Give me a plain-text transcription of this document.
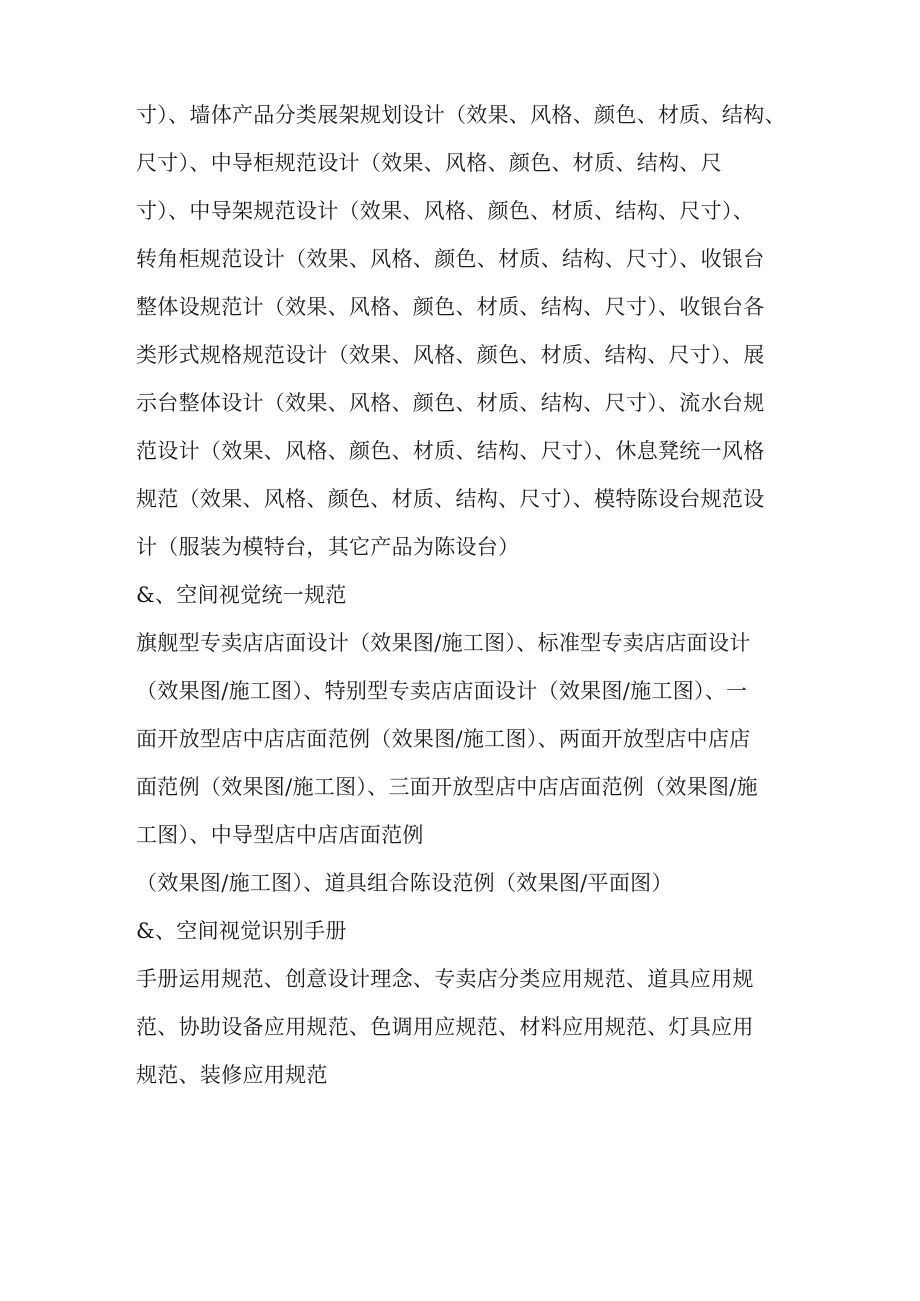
寸）、墙体产品分类展架规划设计（效果、风格、颜色、材质、结构、
尺寸）、中导柜规范设计（效果、风格、颜色、材质、结构、尺
寸）、中导架规范设计（效果、风格、颜色、材质、结构、尺寸）、
转角柜规范设计（效果、风格、颜色、材质、结构、尺寸）、收银台
整体设规范计（效果、风格、颜色、材质、结构、尺寸）、收银台各
类形式规格规范设计（效果、风格、颜色、材质、结构、尺寸）、展
示台整体设计（效果、风格、颜色、材质、结构、尺寸）、流水台规
范设计（效果、风格、颜色、材质、结构、尺寸）、休息凳统一风格
规范（效果、风格、颜色、材质、结构、尺寸）、模特陈设台规范设
计（服装为模特台，其它产品为陈设台）
&、空间视觉统一规范
旗舰型专卖店店面设计（效果图/施工图）、标准型专卖店店面设计
（效果图/施工图）、特别型专卖店店面设计（效果图/施工图）、一
面开放型店中店店面范例（效果图/施工图）、两面开放型店中店店
面范例（效果图/施工图）、三面开放型店中店店面范例（效果图/施
工图）、中导型店中店店面范例
（效果图/施工图）、道具组合陈设范例（效果图/平面图）
&、空间视觉识别手册
手册运用规范、创意设计理念、专卖店分类应用规范、道具应用规
范、协助设备应用规范、色调用应规范、材料应用规范、灯具应用
规范、装修应用规范
